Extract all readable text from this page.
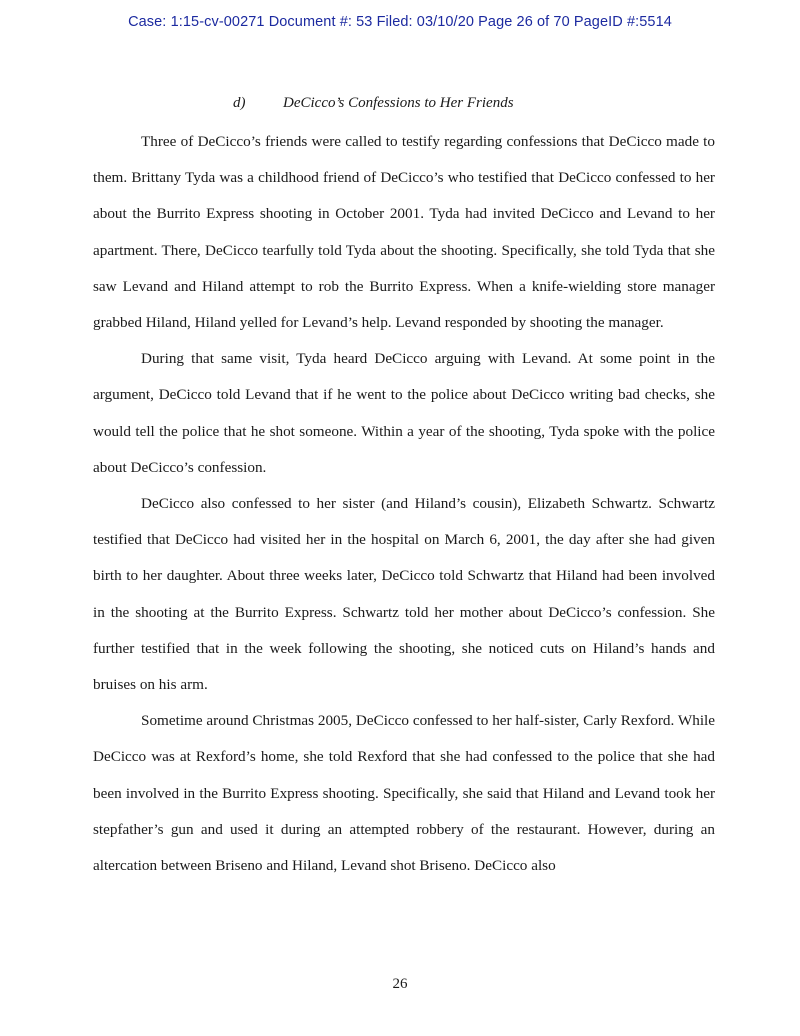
Case: 1:15-cv-00271 Document #: 53 Filed: 03/10/20 Page 26 of 70 PageID #:5514
d)	DeCicco’s Confessions to Her Friends

Three of DeCicco’s friends were called to testify regarding confessions that DeCicco made to them. Brittany Tyda was a childhood friend of DeCicco’s who testified that DeCicco confessed to her about the Burrito Express shooting in October 2001. Tyda had invited DeCicco and Levand to her apartment. There, DeCicco tearfully told Tyda about the shooting. Specifically, she told Tyda that she saw Levand and Hiland attempt to rob the Burrito Express. When a knife-wielding store manager grabbed Hiland, Hiland yelled for Levand’s help. Levand responded by shooting the manager.

During that same visit, Tyda heard DeCicco arguing with Levand. At some point in the argument, DeCicco told Levand that if he went to the police about DeCicco writing bad checks, she would tell the police that he shot someone. Within a year of the shooting, Tyda spoke with the police about DeCicco’s confession.

DeCicco also confessed to her sister (and Hiland’s cousin), Elizabeth Schwartz. Schwartz testified that DeCicco had visited her in the hospital on March 6, 2001, the day after she had given birth to her daughter. About three weeks later, DeCicco told Schwartz that Hiland had been involved in the shooting at the Burrito Express. Schwartz told her mother about DeCicco’s confession. She further testified that in the week following the shooting, she noticed cuts on Hiland’s hands and bruises on his arm.

Sometime around Christmas 2005, DeCicco confessed to her half-sister, Carly Rexford. While DeCicco was at Rexford’s home, she told Rexford that she had confessed to the police that she had been involved in the Burrito Express shooting. Specifically, she said that Hiland and Levand took her stepfather’s gun and used it during an attempted robbery of the restaurant. However, during an altercation between Briseno and Hiland, Levand shot Briseno. DeCicco also

26
